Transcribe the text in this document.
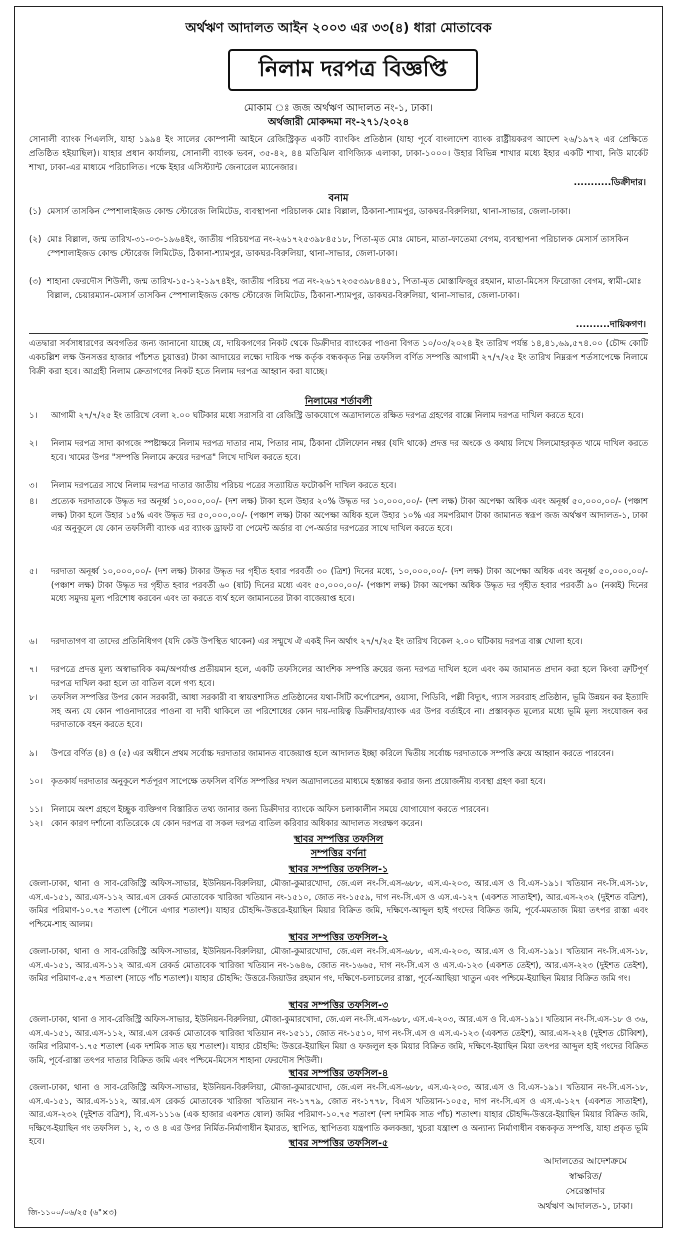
অর্থঋণ আদালত আইন ২০০৩ এর ৩৩(৪) ধারা মোতাবেক
নিলাম দরপত্র বিজ্ঞপ্তি
মোকাম ঃ জজ অর্থঋণ আদালত নং-১, ঢাকা।
অর্থজারী মোকদ্দমা নং-২৭১/২০২৪
সোনালী ব্যাংক পিএলসি, যাহা ১৯৯৪ ইং সালের কোম্পানী আইনে রেজিস্ট্রিকৃত একটি ব্যাংকিং প্রতিষ্ঠান (যাহা পূর্বে বাংলাদেশ ব্যাংক রাষ্ট্রীয়করণ আদেশ ২৬/১৯৭২ এর প্রেক্ষিতে প্রতিষ্ঠিত হইয়াছিল)। যাহার প্রধান কার্যালয়, সোনালী ব্যাংক ভবন, ৩৫-৪২, ৪৪ মতিঝিল বাণিজ্যিক এলাকা, ঢাকা-১০০০। উহার বিভিন্ন শাখার মধ্যে ইহার একটি শাখা, নিউ মার্কেট শাখা, ঢাকা-এর মাধ্যমে পরিচালিত। পক্ষে ইহার এসিস্ট্যান্ট জেনারেল ম্যানেজার।
...........ডিক্রীদার।
বনাম
(১) মেসার্স তাসকিন স্পেশালাইজড কোল্ড স্টোরেজ লিমিটেড, ব্যবস্থাপনা পরিচালক মোঃ বিল্লাল, ঠিকানা-শ্যামপুর, ডাকঘর-বিরুলিয়া, থানা-সাভার, জেলা-ঢাকা।
(২) মোঃ বিল্লাল, জন্ম তারিখ-৩১-০৩-১৯৬৪ইং, জাতীয় পরিচয়পত্র নং-২৬১৭২৫৩৯৮৪৫১৮, পিতা-মৃত মোঃ মোচন, মাতা-ফাতেমা বেগম, ব্যবস্থাপনা পরিচালক মেসার্স তাসকিন স্পেশালাইজড কোল্ড স্টোরেজ লিমিটেড, ঠিকানা-শ্যামপুর, ডাকঘর-বিরুলিয়া, থানা-সাভার, জেলা-ঢাকা।
(৩) শাহানা ফেরদৌস শিউলী, জন্ম তারিখ-১৫-১২-১৯৭৪ইং, জাতীয় পরিচয় পত্র নং-২৬১৭২৩৫৩৯৮৪৪৫১, পিতা-মৃত মোস্তাফিজুর রহমান, মাতা-মিসেস ফিরোজা বেগম, স্বামী-মোঃ বিল্লাল, চেয়ারম্যান-মেসার্স তাসকিন স্পেশালাইজড কোল্ড স্টোরেজ লিমিটেড, ঠিকানা-শ্যামপুর, ডাকঘর-বিরুলিয়া, থানা-সাভার, জেলা-ঢাকা।
..........দায়িকগণ।
এতদ্বারা সর্বসাধারণের অবগতির জন্য জানানো যাচ্ছে যে, দায়িকগণের নিকট থেকে ডিক্রীদার ব্যাংকের পাওনা বিগত ১০/০৩/২০২৪ ইং তারিখ পর্যন্ত ১৪,৪১,৬৯,৫৭৪.০০ (চৌদ্দ কোটি একচল্লিশ লক্ষ উনসত্তর হাজার পাঁচশত চুয়াত্তর) টাকা আদায়ের লক্ষ্যে দায়িক পক্ষ কর্তৃক বন্ধককৃত নিম্ন তফসিল বর্ণিত সম্পত্তি আগামী ২৭/৭/২৫ ইং তারিখ নিম্নরূপ শর্তসাপেক্ষে নিলামে বিক্রী করা হবে। আগ্রহী নিলাম ক্রেতাগণের নিকট হতে নিলাম দরপত্র আহ্বান করা যাচ্ছে।
নিলামের শর্তাবলী
১।	আগামী ২৭/৭/২৫ ইং তারিখে বেলা ২.০০ ঘটিকার মধ্যে সরাসরি বা রেজিস্ট্রি ডাকযোগে অত্রাদালতে রক্ষিত দরপত্র গ্রহণের বাক্সে নিলাম দরপত্র দাখিল করতে হবে।
২।	নিলাম দরপত্র সাদা কাগজে স্পষ্টাক্ষরে নিলাম দরপত্র দাতার নাম, পিতার নাম, ঠিকানা টেলিফোন নম্বর (যদি থাকে) প্রদত্ত দর অংকে ও কথায় লিখে সিলমোহরকৃত খামে দাখিল করতে হবে। খামের উপর "সম্পত্তি নিলামে ক্রয়ের দরপত্র" লিখে দাখিল করতে হবে।
৩।	নিলাম দরপত্রের সাথে নিলাম দরপত্র দাতার জাতীয় পরিচয় পত্রের সত্যায়িত ফটোকপি দাখিল করতে হবে।
৪।	প্রত্যেক দরদাতাকে উদ্ধৃত দর অনূর্ধ্ব ১০,০০০,০০/- (দশ লক্ষ) টাকা হলে উহার ২০% উদ্ধৃত দর ১০,০০০,০০/- (দশ লক্ষ) টাকা অপেক্ষা অধিক এবং অনূর্ধ্ব ৫০,০০০,০০/- (পঞ্চাশ লক্ষ) টাকা হলে উহার ১৫% এবং উদ্ধৃত দর ৫০,০০০,০০/- (পঞ্চাশ লক্ষ) টাকা অপেক্ষা অধিক হলে উহার ১০% এর সমপরিমাণ টাকা জামানত স্বরূপ জজ অর্থঋণ আদালত-১, ঢাকা এর অনুকূলে যে কোন তফসিলী ব্যাংক এর ব্যাংক ড্রাফট বা পেমেন্ট অর্ডার বা পে-অর্ডার দরপত্রের সাথে দাখিল করতে হবে।
৫।	দরদাতা অনূর্ধ্ব ১০,০০০,০০/- (দশ লক্ষ) টাকার উদ্ধৃত দর গৃহীত হবার পরবর্তী ৩০ (ত্রিশ) দিনের মধ্যে, ১০,০০০,০০/- (দশ লক্ষ) টাকা অপেক্ষা অধিক এবং অনূর্ধ্ব ৫০,০০০,০০/- (পঞ্চাশ লক্ষ) টাকা উদ্ধৃত দর গৃহীত হবার পরবর্তী ৬০ (ষাট) দিনের মধ্যে এবং ৫০,০০০,০০/- (পঞ্চাশ লক্ষ) টাকা অপেক্ষা অধিক উদ্ধৃত দর গৃহীত হবার পরবর্তী ৯০ (নব্বই) দিনের মধ্যে সমুদয় মূল্য পরিশোধ করবেন এবং তা করতে ব্যর্থ হলে জামানতের টাকা বাজেয়াপ্ত হবে।
৬।	দরদাতাগণ বা তাদের প্রতিনিধিগণ (যদি কেউ উপস্থিত থাকেন) এর সম্মুখে ঐ একই দিন অর্থাৎ ২৭/৭/২৫ ইং তারিখ বিকেল ২.০০ ঘটিকায় দরপত্র বাক্স খোলা হবে।
৭।	দরপত্রে প্রদত্ত মূল্য অস্বাভাবিক কম/অপর্যাপ্ত প্রতীয়মান হলে, একটি তফসিলের আংশিক সম্পত্তি ক্রয়ের জন্য দরপত্র দাখিল হলে এবং কম জামানত প্রদান করা হলে কিংবা ত্রুটিপূর্ণ দরপত্র দাখিল করা হলে তা বাতিল বলে গণ্য হবে।
৮।	তফসিল সম্পত্তির উপর কোন সরকারী, আধা সরকারী বা স্বায়ত্তশাসিত প্রতিষ্ঠানের যথা-সিটি কর্পোরেশন, ওয়াসা, পিডিবি, পল্লী বিদ্যুৎ, গ্যাস সরবরাহ প্রতিষ্ঠান, ভূমি উন্নয়ন কর ইত্যাদি সহ অন্য যে কোন পাওনাদারের পাওনা বা দাবী থাকিলে তা পরিশোধের কোন দায়-দায়িত্ব ডিক্রীদার/ব্যাংক এর উপর বর্তাইবে না। প্রস্তাবকৃত মূল্যের মধ্যে ভূমি মূল্য সংযোজন কর দরদাতাকে বহন করতে হবে।
৯।	উপরে বর্ণিত (৪) ও (৫) এর অধীনে প্রথম সর্বোচ্চ দরদাতার জামানত বাজেয়াপ্ত হলে আদালত ইচ্ছা করিলে দ্বিতীয় সর্বোচ্চ দরদাতাকে সম্পত্তি ক্রয়ে আহ্বান করতে পারবেন।
১০। কৃতকার্য দরদাতার অনুকূলে শর্তপূরণ সাপেক্ষে তফসিল বর্ণিত সম্পত্তির দখল অত্রাদালতের মাধ্যমে হস্তান্তর করার জন্য প্রয়োজনীয় ব্যবস্থা গ্রহণ করা হবে।
১১। নিলামে অংশ গ্রহণে ইচ্ছুক ব্যক্তিগণ বিস্তারিত তথ্য জানার জন্য ডিক্রীদার ব্যাংকে অফিস চলাকালীন সময়ে যোগাযোগ করতে পারবেন।
১২। কোন কারণ দর্শানো ব্যতিরেকে যে কোন দরপত্র বা সকল দরপত্র বাতিল করিবার অধিকার আদালত সংরক্ষণ করেন।
স্থাবর সম্পত্তির তফসিল
সম্পত্তির বর্ণনা
স্থাবর সম্পত্তির তফসিল-১
জেলা-ঢাকা, থানা ও সাব-রেজিস্ট্রি অফিস-সাভার, ইউনিয়ন-বিরুলিয়া, মৌজা-কুমারখোদা, জে.এল নং-সি.এস-৬৮৮, এস.এ-২০৩, আর.এস ও বি.এস-১৯১। খতিয়ান নং-সি.এস-১৮, এস.এ-১৫১, আর.এস-১১২ আর.এস রেকর্ড মোতাবেক খারিজা খতিয়ান নং-১৫১০, জোত নং-১৫৫৯, দাগ নং-সি.এস ও এস.এ-১২৭ (একশত সাতাইশ), আর.এস-২৩২ (দুইশত বত্রিশ), জমির পরিমাণ-১০.৭৫ শতাংশ (পৌনে এগার শতাংশ)। যাহার চৌহদ্দি-উত্তরে-ইয়াছিন মিয়ার বিক্রিত জমি, দক্ষিণে-আব্দুল হাই গংদের বিক্রিত জমি, পূর্বে-মমতাজ মিয়া তৎপর রাস্তা এবং পশ্চিমে-শাহ আলম।
স্থাবর সম্পত্তির তফসিল-২
জেলা-ঢাকা, থানা ও সাব-রেজিস্ট্রি অফিস-সাভার, ইউনিয়ন-বিরুলিয়া, মৌজা-কুমারখোদা, জে.এল নং-সি.এস-৬৮৮, এস.এ-২০৩, আর.এস ও বি.এস-১৯১। খতিয়ান নং-সি.এস-১৮, এস.এ-১৫১, আর.এস-১১২ আর.এস রেকর্ড মোতাবেক খারিজা খতিয়ান নং-১৬৪৬, জোত নং-১৬৬৫, দাগ নং-সি.এস ও এস.এ-১২৩ (একশত তেইশ), আর.এস-২২৩ (দুইশত তেইশ), জমির পরিমাণ-৫.৫৭ শতাংশ (সাড়ে পাঁচ শতাংশ)। যাহার চৌহদ্দি: উত্তরে-জিয়াউর রহমান গং, দক্ষিণে-চলাচলের রাস্তা, পূর্বে-আছিয়া খাতুন এবং পশ্চিমে-ইয়াছিন মিয়ার বিক্রিত জমি গং।
স্থাবর সম্পত্তির তফসিল-৩
জেলা-ঢাকা, থানা ও সাব-রেজিস্ট্রি অফিস-সাভার, ইউনিয়ন-বিরুলিয়া, মৌজা-কুমারখোদা, জে.এল নং-সি.এস-৬৮৮, এস.এ-২০৩, আর.এস ও বি.এস-১৯১। খতিয়ান নং-সি.এস-১৮ ও ৩৬, এস.এ-১৫১, আর.এস-১১২, আর.এস রেকর্ড মোতাবেক খারিজা খতিয়ান নং-১৫১১, জোত নং-১৫১০, দাগ নং-সি.এস ও এস.এ-১২৩ (একশত তেইশ), আর.এস-২২৪ (দুইশত চৌব্বিশ), জমির পরিমাণ-১.৭৫ শতাংশ (এক দশমিক সাত ছয় শতাংশ)। যাহার চৌহদ্দি: উত্তরে-ইয়াছিন মিয়া ও ফজলুল হক মিয়ার বিক্রিত জমি, দক্ষিণে-ইয়াছিন মিয়া তৎপর আব্দুল হাই গংদের বিক্রিত জমি, পূর্বে-রাস্তা তৎপর দাতার বিক্রিত জমি এবং পশ্চিমে-মিসেস শাহানা ফেরদৌস শিউলী।
স্থাবর সম্পত্তির তফসিল-৪
জেলা-ঢাকা, থানা ও সাব-রেজিস্ট্রি অফিস-সাভার, ইউনিয়ন-বিরুলিয়া, মৌজা-কুমারখোদা, জে.এল নং-সি.এস-৬৮৮, এস.এ-২০৩, আর.এস ও বি.এস-১৯১। খতিয়ান নং-সি.এস-১৮, এস.এ-১৫১, আর.এস-১১২, আর.এস রেকর্ড মোতাবেক খারিজা খতিয়ান নং-১৭৭৯, জোত নং-১৭৭৮, বিএস খতিয়ান-১০৫৫, দাগ নং-সি.এস ও এস.এ-১২৭ (একশত সাতাইশ), আর.এস-২৩২ (দুইশত বত্রিশ), বি.এস-১১১৬ (এক হাজার একশত ষোল) জমির পরিমাণ-১০.৭৫ শতাংশ (দশ দশমিক সাত পাঁচ) শতাংশ। যাহার চৌহদ্দি-উত্তরে-ইয়াছিন মিয়ার বিক্রিত জমি, দক্ষিণে-ইয়াছিন গং তফসিল ১, ২, ৩ ও ৪ এর উপর নির্মিত-নির্মাণাধীন ইমারত, স্থাপিত, স্থাপিতব্য যন্ত্রপাতি কলকব্জা, খুচরা যন্ত্রাংশ ও অন্যান্য নির্মাণাধীন বন্ধককৃত সম্পত্তি, যাহা প্রকৃত ভূমি হবে।	স্থাবর সম্পত্তির তফসিল-৫
আদালতের আদেশক্রমে
স্বাক্ষরিত/
সেরেস্তাদার
অর্থঋণ আদালত-১, ঢাকা।
জি-১১০০/০৬/২৫ (৬"×৩)
